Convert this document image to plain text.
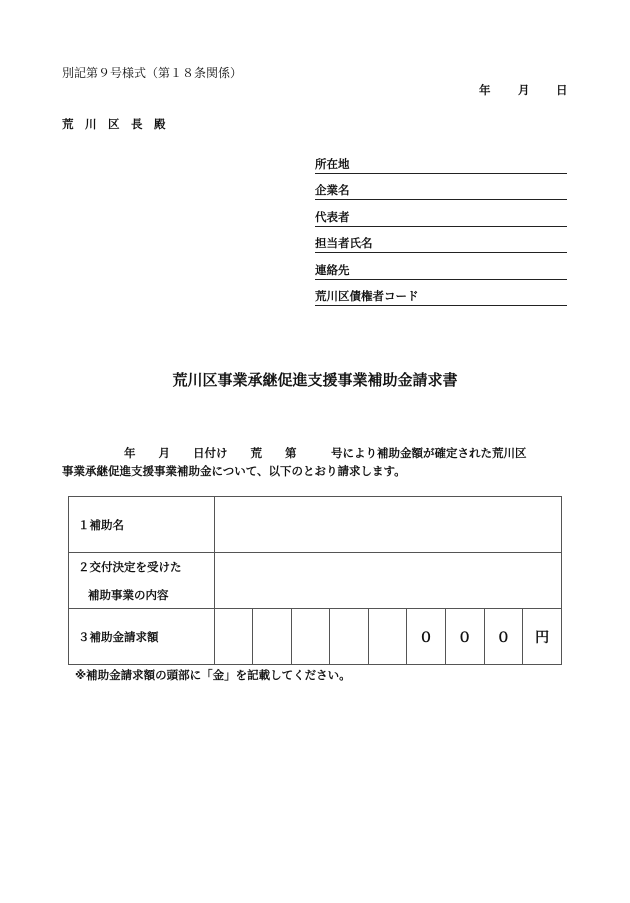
別記第９号様式（第１８条関係）
年 月 日
荒　川　区　長　殿
所在地
企業名
代表者
担当者氏名
連絡先
荒川区債権者コード
荒川区事業承継促進支援事業補助金請求書
年　　月　　日付け　　荒　　第　　　号により補助金額が確定された荒川区
事業承継促進支援事業補助金について、以下のとおり請求します。
１補助名									

２交付決定を受けた
補助事業の内容									

３補助金請求額						０	０	０	円
※補助金請求額の頭部に「金」を記載してください。
